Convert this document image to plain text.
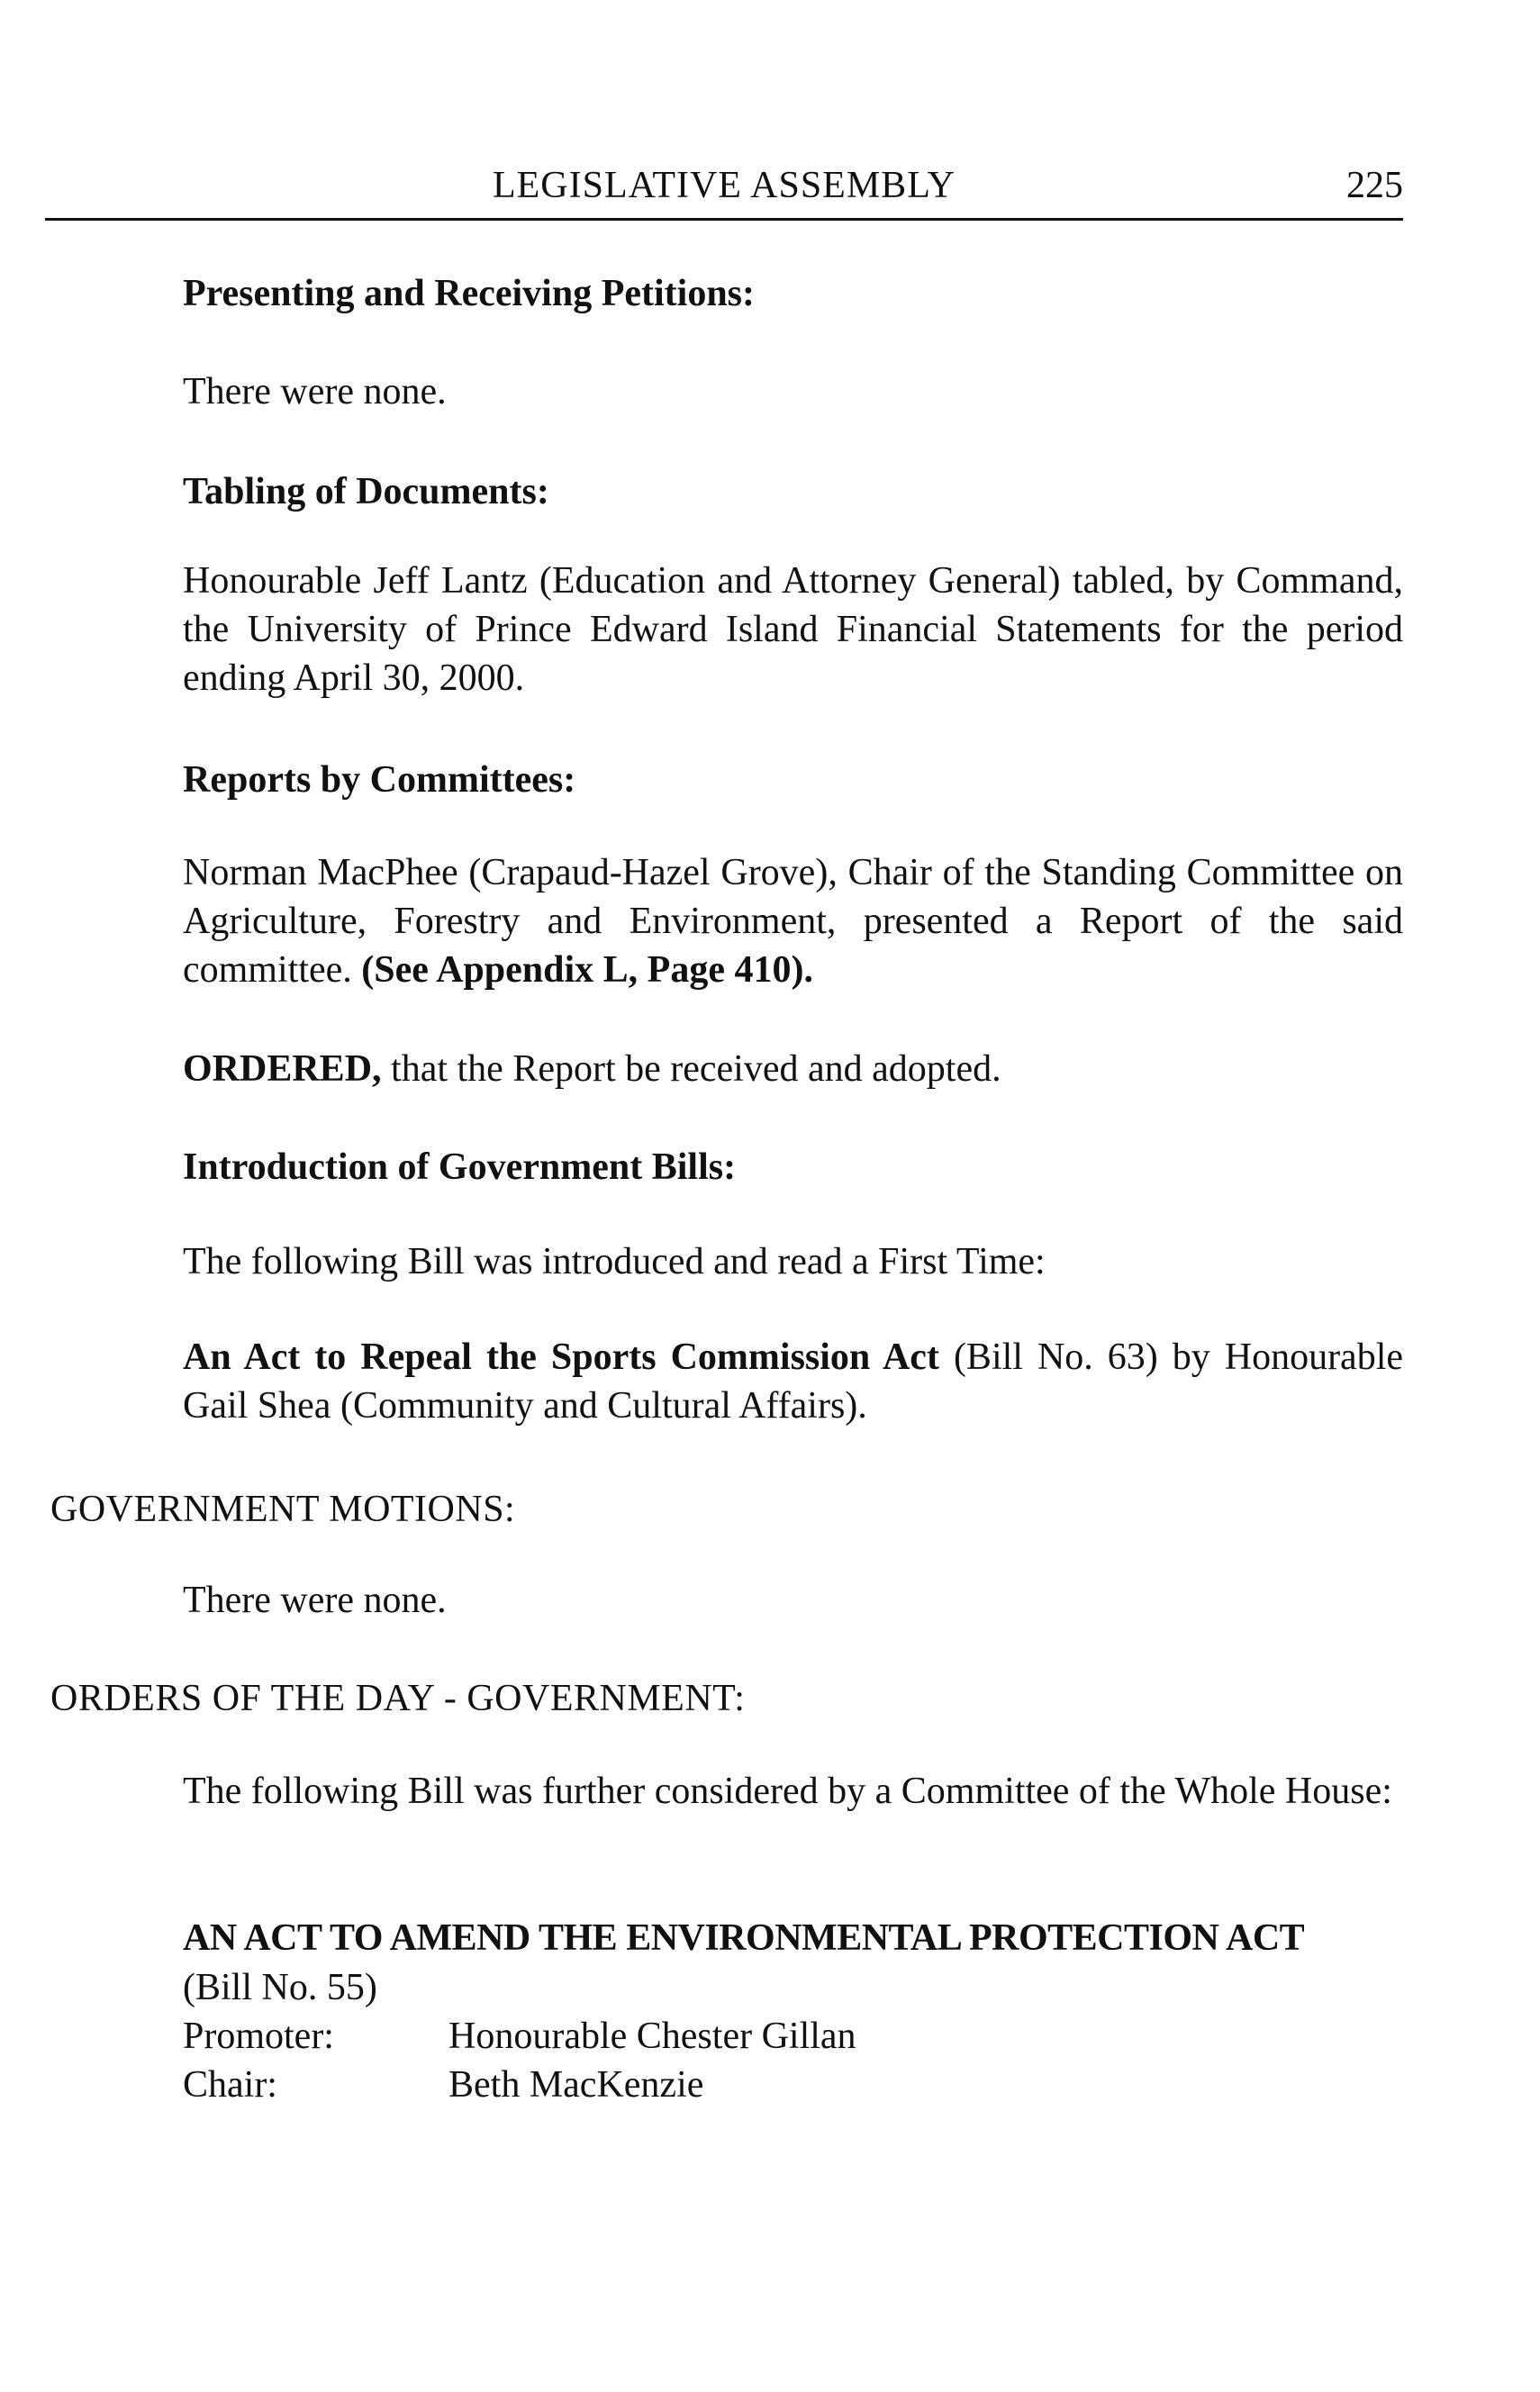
LEGISLATIVE ASSEMBLY	225

Presenting and Receiving Petitions:

There were none.

Tabling of Documents:

Honourable Jeff Lantz (Education and Attorney General) tabled, by Command, the University of Prince Edward Island Financial Statements for the period ending April 30, 2000.

Reports by Committees:

Norman MacPhee (Crapaud-Hazel Grove), Chair of the Standing Committee on Agriculture, Forestry and Environment, presented a Report of the said committee. (See Appendix L, Page 410).

ORDERED, that the Report be received and adopted.

Introduction of Government Bills:

The following Bill was introduced and read a First Time:

An Act to Repeal the Sports Commission Act (Bill No. 63) by Honourable Gail Shea (Community and Cultural Affairs).

GOVERNMENT MOTIONS:

There were none.

ORDERS OF THE DAY - GOVERNMENT:

The following Bill was further considered by a Committee of the Whole House:

AN ACT TO AMEND THE ENVIRONMENTAL PROTECTION ACT

(Bill No. 55)

Promoter:	Honourable Chester Gillan
Chair:	Beth MacKenzie
